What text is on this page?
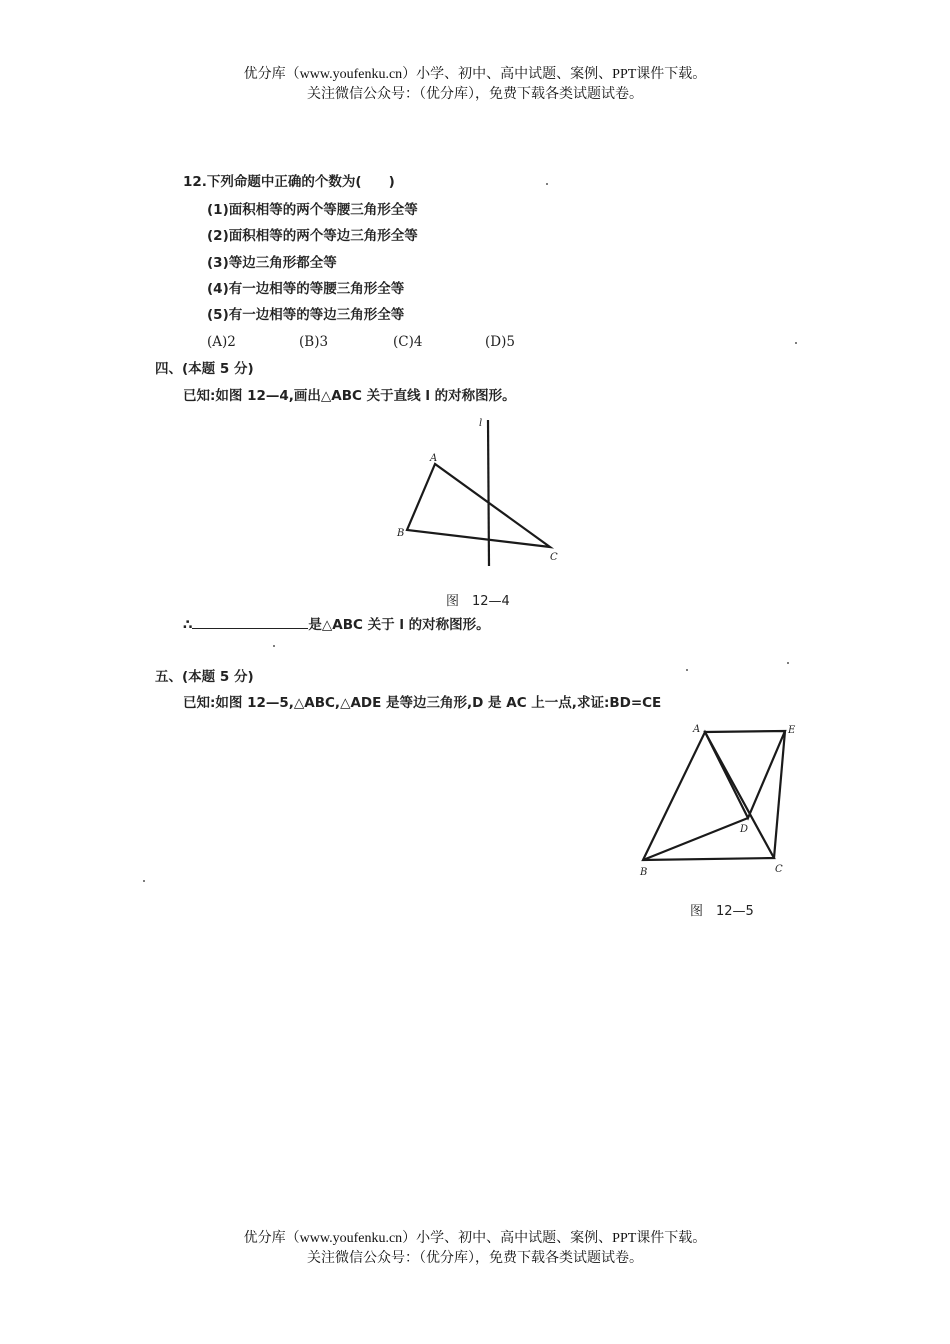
优分库（www.youfenku.cn）小学、初中、高中试题、案例、PPT课件下载。
关注微信公众号：（优分库），免费下载各类试题试卷。
12.下列命题中正确的个数为(　　)
(1)面积相等的两个等腰三角形全等
(2)面积相等的两个等边三角形全等
(3)等边三角形都全等
(4)有一边相等的等腰三角形全等
(5)有一边相等的等边三角形全等
(A)2	(B)3	(C)4	(D)5
四、(本题 5 分)
已知:如图 12—4,画出△ABC 关于直线 l 的对称图形。
l
A
B
C
图　12—4
∴	是△ABC 关于 l 的对称图形。
五、(本题 5 分)
已知:如图 12—5,△ABC,△ADE 是等边三角形,D 是 AC 上一点,求证:BD=CE
A	E
D
B	C
图　12—5
优分库（www.youfenku.cn）小学、初中、高中试题、案例、PPT课件下载。
关注微信公众号：（优分库），免费下载各类试题试卷。
